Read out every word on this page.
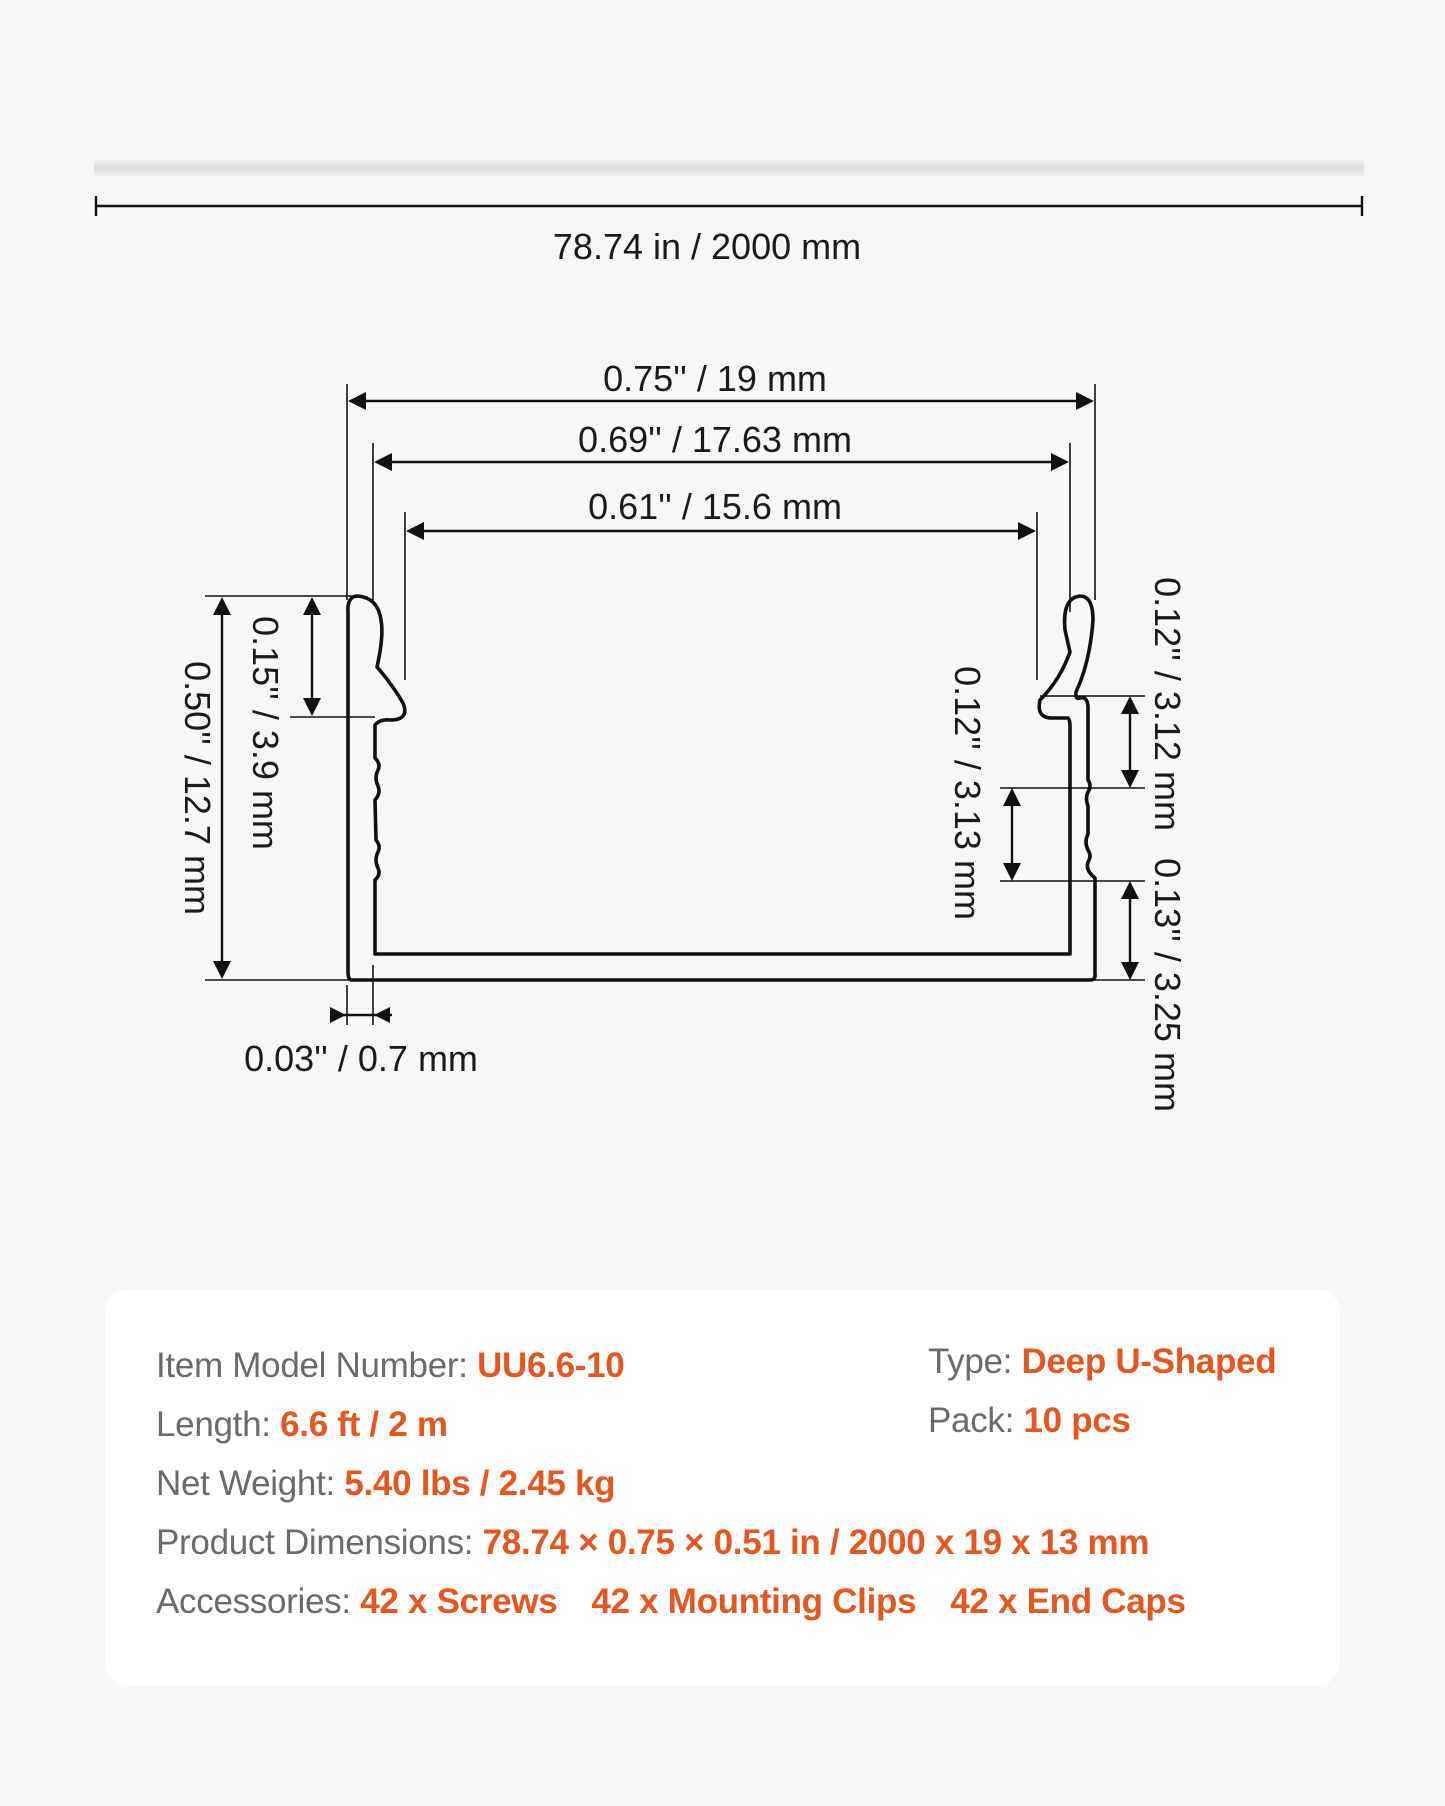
78.74 in / 2000 mm
0.75'' / 19 mm
0.69'' / 17.63 mm
0.61'' / 15.6 mm
0.50'' / 12.7 mm 0.15'' / 3.9 mm	0.12'' / 3.12 mm
0.13'' / 3.25 mm
0.12'' / 3.13 mm
0.03'' / 0.7 mm
Item Model Number: UU6.6-10	Type: Deep U-Shaped
Length: 6.6 ft / 2 m	Pack: 10 pcs
Net Weight: 5.40 lbs / 2.45 kg
Product Dimensions: 78.74 × 0.75 × 0.51 in / 2000 x 19 x 13 mm
Accessories: 42 x Screws 42 x Mounting Clips 42 x End Caps
